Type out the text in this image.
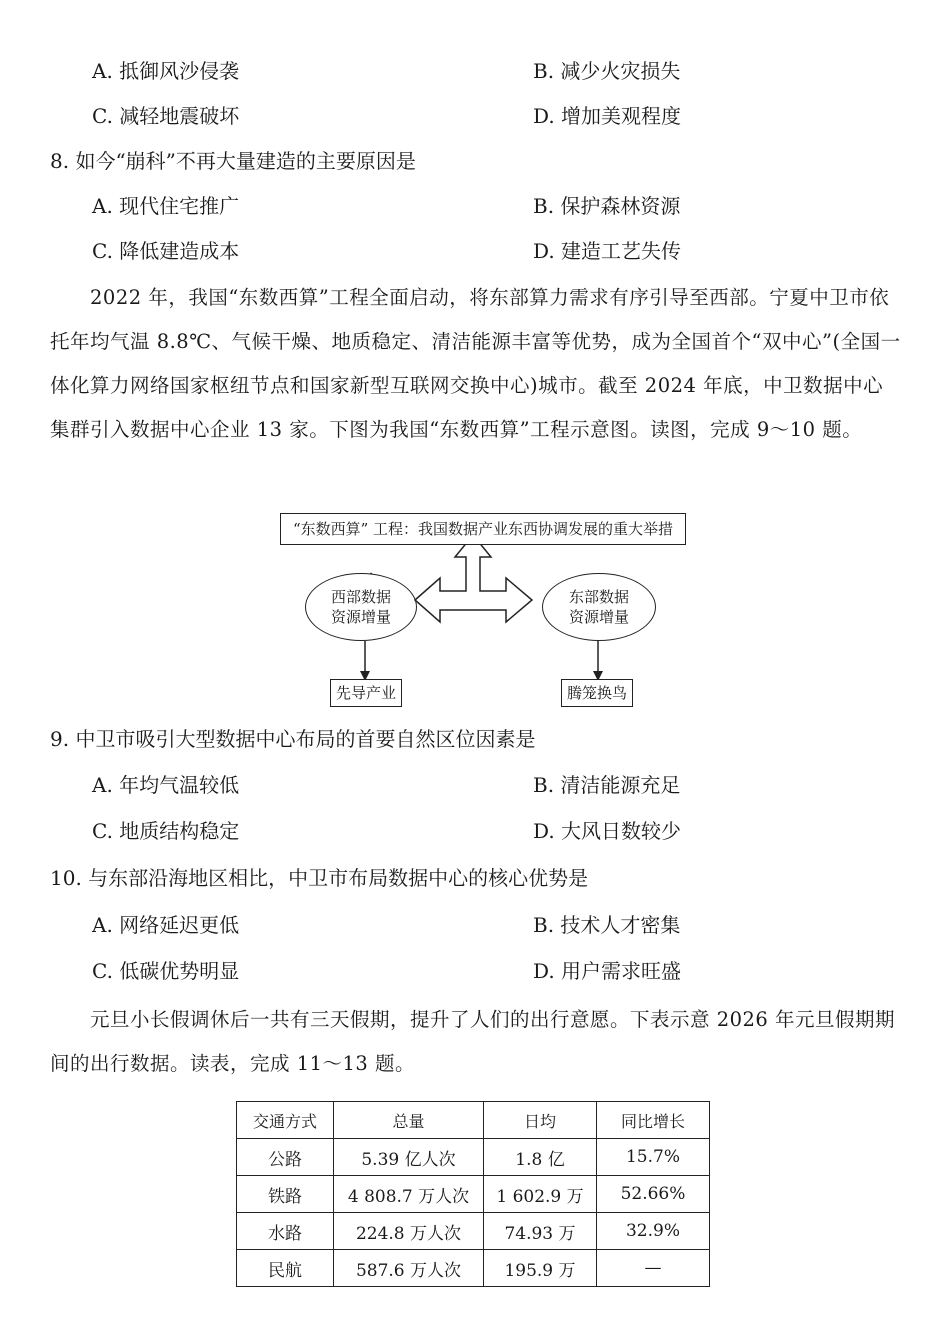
A. 抵御风沙侵袭	B. 减少火灾损失
C. 减轻地震破坏	D. 增加美观程度
8. 如今“崩科”不再大量建造的主要原因是
A. 现代住宅推广	B. 保护森林资源
C. 降低建造成本	D. 建造工艺失传
2022 年，我国“东数西算”工程全面启动，将东部算力需求有序引导至西部。宁夏中卫市依托年均气温 8.8℃、气候干燥、地质稳定、清洁能源丰富等优势，成为全国首个“双中心”(全国一体化算力网络国家枢纽节点和国家新型互联网交换中心)城市。截至 2024 年底，中卫数据中心集群引入数据中心企业 13 家。下图为我国“东数西算”工程示意图。读图，完成 9～10 题。
“东数西算” 工程：我国数据产业东西协调发展的重大举措
西部数据
资源增量
一
东部数据
资源增量
先导产业	腾笼换鸟
9. 中卫市吸引大型数据中心布局的首要自然区位因素是
A. 年均气温较低	B. 清洁能源充足
C. 地质结构稳定	D. 大风日数较少
10. 与东部沿海地区相比，中卫市布局数据中心的核心优势是
A. 网络延迟更低	B. 技术人才密集
C. 低碳优势明显	D. 用户需求旺盛
元旦小长假调休后一共有三天假期，提升了人们的出行意愿。下表示意 2026 年元旦假期期间的出行数据。读表，完成 11～13 题。
交通方式	总量	日均	同比增长
公路	5.39 亿人次	1.8 亿	15.7%
铁路	4 808.7 万人次	1 602.9 万	52.66%
水路	224.8 万人次	74.93 万	32.9%
民航	587.6 万人次	195.9 万	—
